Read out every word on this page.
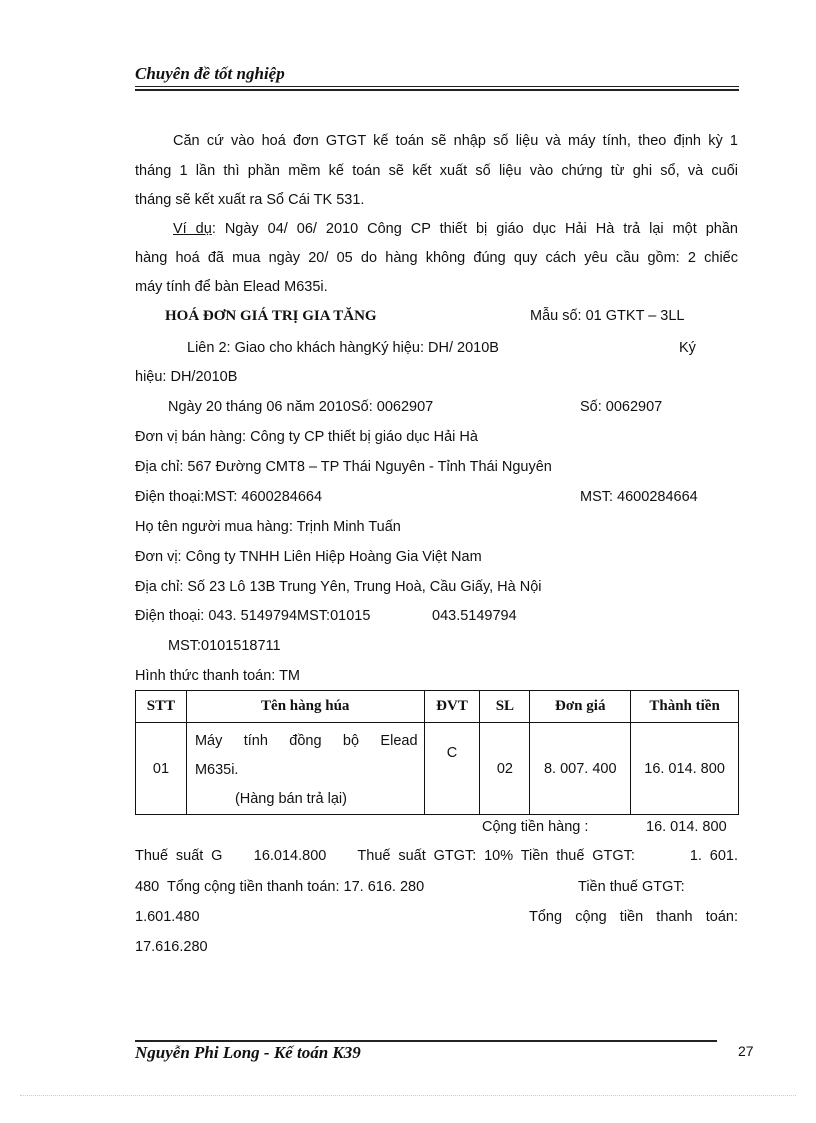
Chuyên đề tốt nghiệp
Căn cứ vào hoá đơn GTGT kế toán sẽ nhập số liệu và máy tính, theo định kỳ 1
tháng 1 lần thì phần mềm kế toán sẽ kết xuất số liệu vào chứng từ ghi sổ, và cuối
tháng sẽ kết xuất ra Sổ Cái TK 531.
Ví dụ: Ngày 04/ 06/ 2010 Công CP thiết bị giáo dục Hải Hà trả lại một phần
hàng hoá đã mua ngày 20/ 05 do hàng không đúng quy cách yêu cầu gồm: 2 chiếc
máy tính để bàn Elead M635i.
HOÁ ĐƠN GIÁ TRỊ GIA TĂNG	Mẫu số: 01 GTKT – 3LL
Liên 2: Giao cho khách hàngKý hiệu: DH/ 2010B	Ký
hiệu: DH/2010B
Ngày 20 tháng 06 năm 2010Số: 0062907	Số: 0062907
Đơn vị bán hàng: Công ty CP thiết bị giáo dục Hải Hà
Địa chỉ: 567 Đường CMT8 – TP Thái Nguyên - Tỉnh Thái Nguyên
Điện thoại:MST: 4600284664	MST: 4600284664
Họ tên người mua hàng: Trịnh Minh Tuấn
Đơn vị: Công ty TNHH Liên Hiệp Hoàng Gia Việt Nam
Địa chỉ: Số 23 Lô 13B Trung Yên, Trung Hoà, Cầu Giấy, Hà Nội
Điện thoại: 043. 5149794MST:01015	043.5149794
MST:0101518711
Hình thức thanh toán: TM
STT	Tên hàng húa	ĐVT	SL	Đơn giá	Thành tiền
01	Máy tính đồng bộ Elead
M635i.
(Hàng bán trả lại)	C	02	8. 007. 400	16. 014. 800
Cộng tiền hàng :	16. 014. 800
Thuế suất G    16.014.800    Thuế suất GTGT: 10% Tiền thuế GTGT:       1. 601.
480  Tổng cộng tiền thanh toán: 17. 616. 280	Tiền thuế GTGT:
1.601.480	Tổng cộng tiền thanh toán:
17.616.280
Nguyễn Phi Long - Kế toán K39	27
